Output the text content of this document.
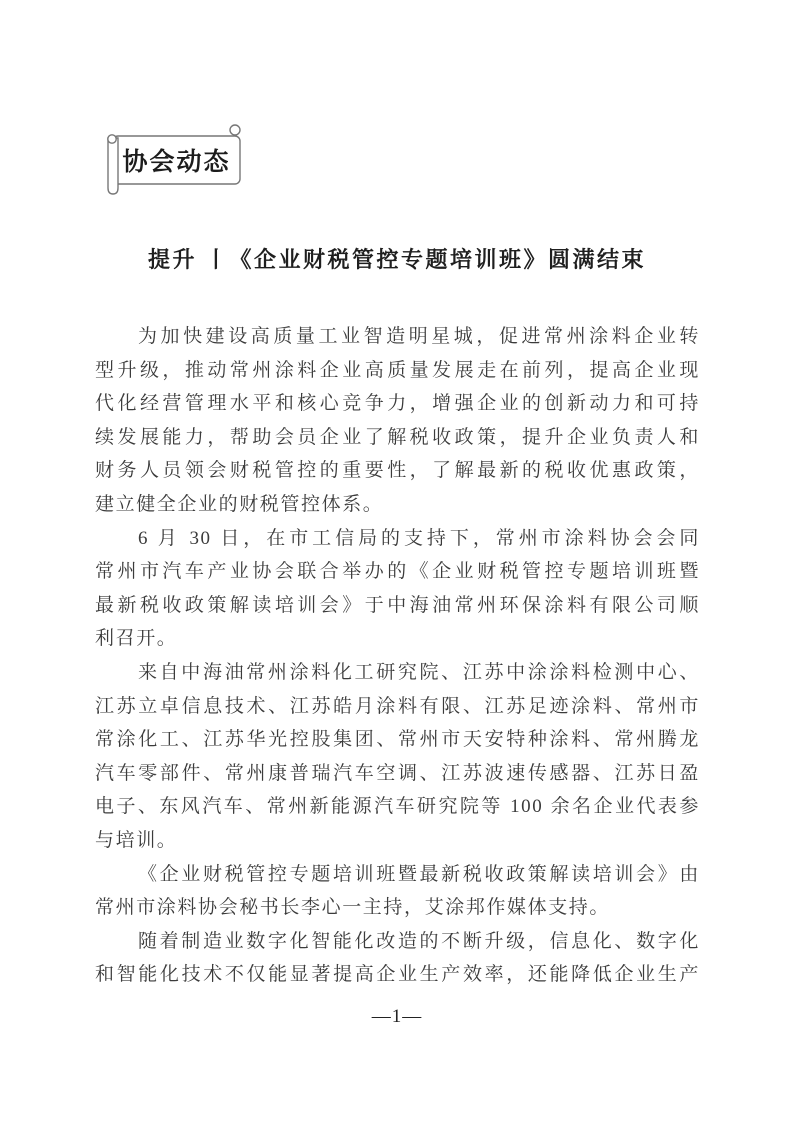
协会动态
提升 丨《企业财税管控专题培训班》圆满结束
为加快建设高质量工业智造明星城，促进常州涂料企业转
型升级，推动常州涂料企业高质量发展走在前列，提高企业现
代化经营管理水平和核心竞争力，增强企业的创新动力和可持
续发展能力，帮助会员企业了解税收政策，提升企业负责人和
财务人员领会财税管控的重要性，了解最新的税收优惠政策，
建立健全企业的财税管控体系。
6 月 30 日，在市工信局的支持下，常州市涂料协会会同
常州市汽车产业协会联合举办的《企业财税管控专题培训班暨
最新税收政策解读培训会》于中海油常州环保涂料有限公司顺
利召开。
来自中海油常州涂料化工研究院、江苏中涂涂料检测中心、
江苏立卓信息技术、江苏皓月涂料有限、江苏足迹涂料、常州市
常涂化工、江苏华光控股集团、常州市天安特种涂料、常州腾龙
汽车零部件、常州康普瑞汽车空调、江苏波速传感器、江苏日盈
电子、东风汽车、常州新能源汽车研究院等 100 余名企业代表参
与培训。
《企业财税管控专题培训班暨最新税收政策解读培训会》由
常州市涂料协会秘书长李心一主持，艾涂邦作媒体支持。
随着制造业数字化智能化改造的不断升级，信息化、数字化
和智能化技术不仅能显著提高企业生产效率，还能降低企业生产
—1—
